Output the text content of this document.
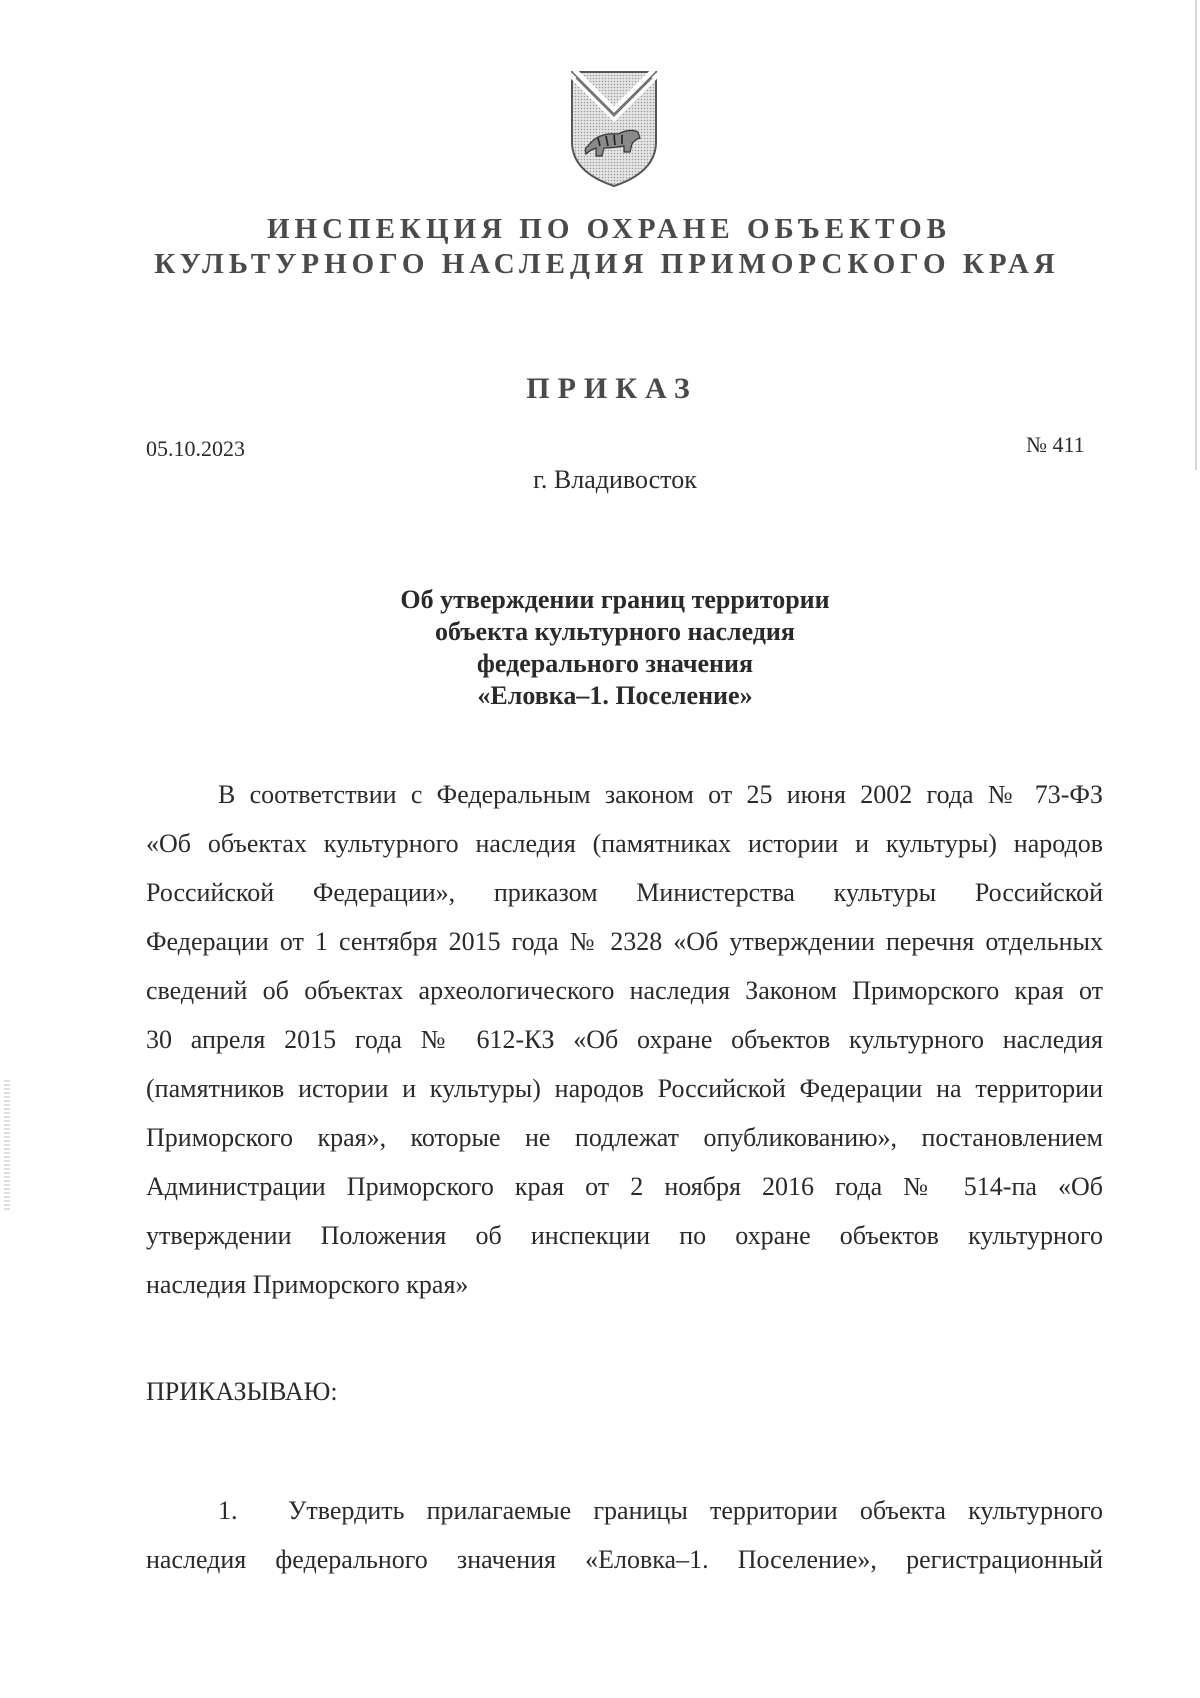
ИНСПЕКЦИЯ ПО ОХРАНЕ ОБЪЕКТОВ
КУЛЬТУРНОГО НАСЛЕДИЯ ПРИМОРСКОГО КРАЯ
ПРИКАЗ
05.10.2023	№ 411
г. Владивосток
Об утверждении границ территории
объекта культурного наследия
федерального значения
«Еловка–1. Поселение»
В соответствии с Федеральным законом от 25 июня 2002 года № 73-ФЗ
«Об объектах культурного наследия (памятниках истории и культуры) народов
Российской Федерации», приказом Министерства культуры Российской
Федерации от 1 сентября 2015 года № 2328 «Об утверждении перечня отдельных
сведений об объектах археологического наследия Законом Приморского края от
30 апреля 2015 года № 612-КЗ «Об охране объектов культурного наследия
(памятников истории и культуры) народов Российской Федерации на территории
Приморского края», которые не подлежат опубликованию», постановлением
Администрации Приморского края от 2 ноября 2016 года № 514-па «Об
утверждении Положения об инспекции по охране объектов культурного
наследия Приморского края»
ПРИКАЗЫВАЮ:
1. Утвердить прилагаемые границы территории объекта культурного
наследия федерального значения «Еловка–1. Поселение», регистрационный
